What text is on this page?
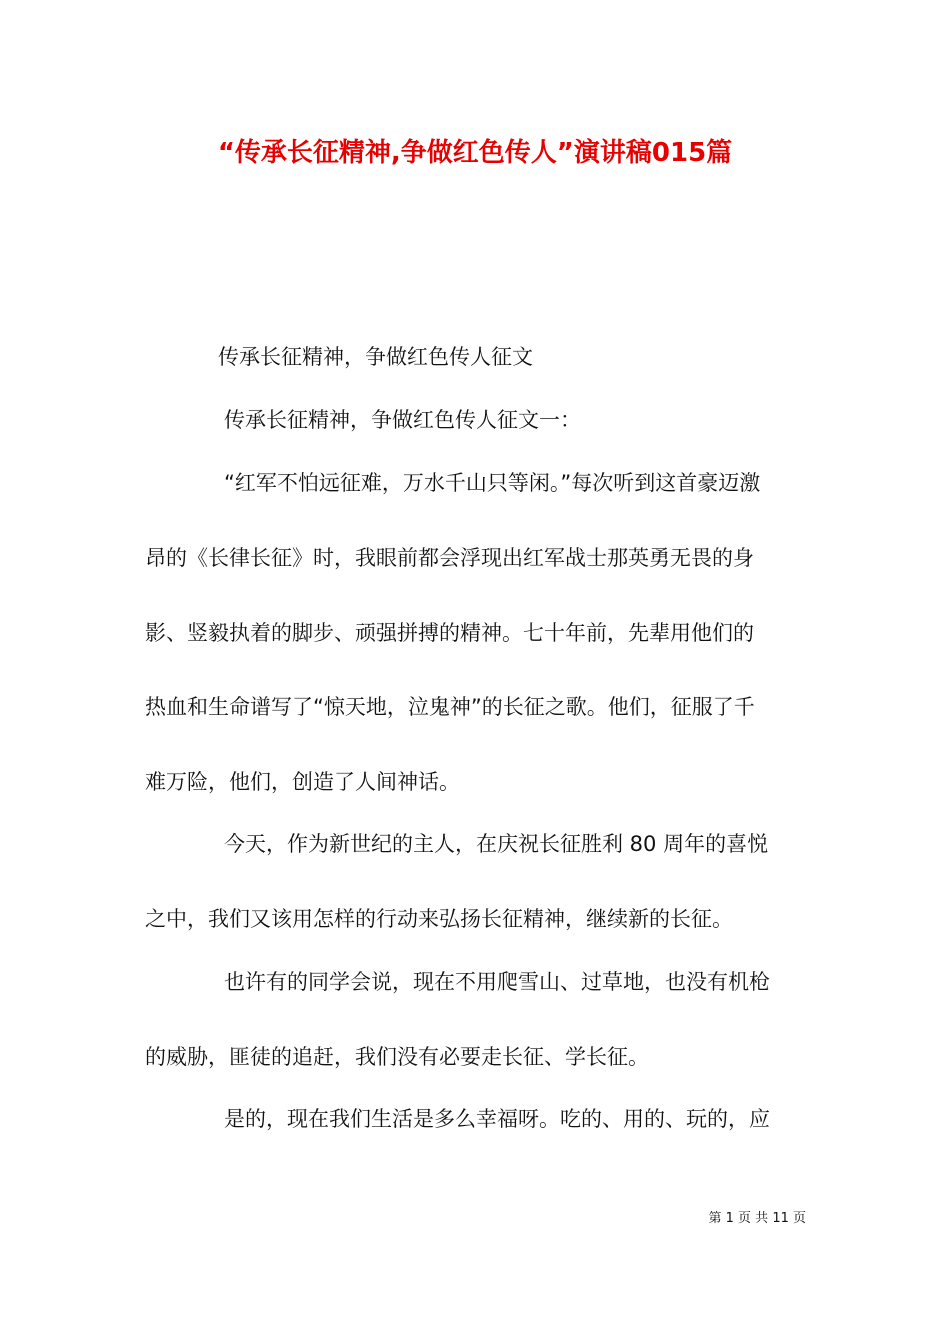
“传承长征精神,争做红色传人”演讲稿015篇
传承长征精神，争做红色传人征文
传承长征精神，争做红色传人征文一：
“红军不怕远征难，万水千山只等闲。”每次听到这首豪迈激
昂的《长律长征》时，我眼前都会浮现出红军战士那英勇无畏的身
影、竖毅执着的脚步、顽强拼搏的精神。七十年前，先辈用他们的
热血和生命谱写了“惊天地，泣鬼神”的长征之歌。他们，征服了千
难万险，他们，创造了人间神话。
今天，作为新世纪的主人，在庆祝长征胜利 80 周年的喜悦
之中，我们又该用怎样的行动来弘扬长征精神，继续新的长征。
也许有的同学会说，现在不用爬雪山、过草地，也没有机枪
的威胁，匪徒的追赶，我们没有必要走长征、学长征。
是的，现在我们生活是多么幸福呀。吃的、用的、玩的，应
第 1 页 共 11 页
